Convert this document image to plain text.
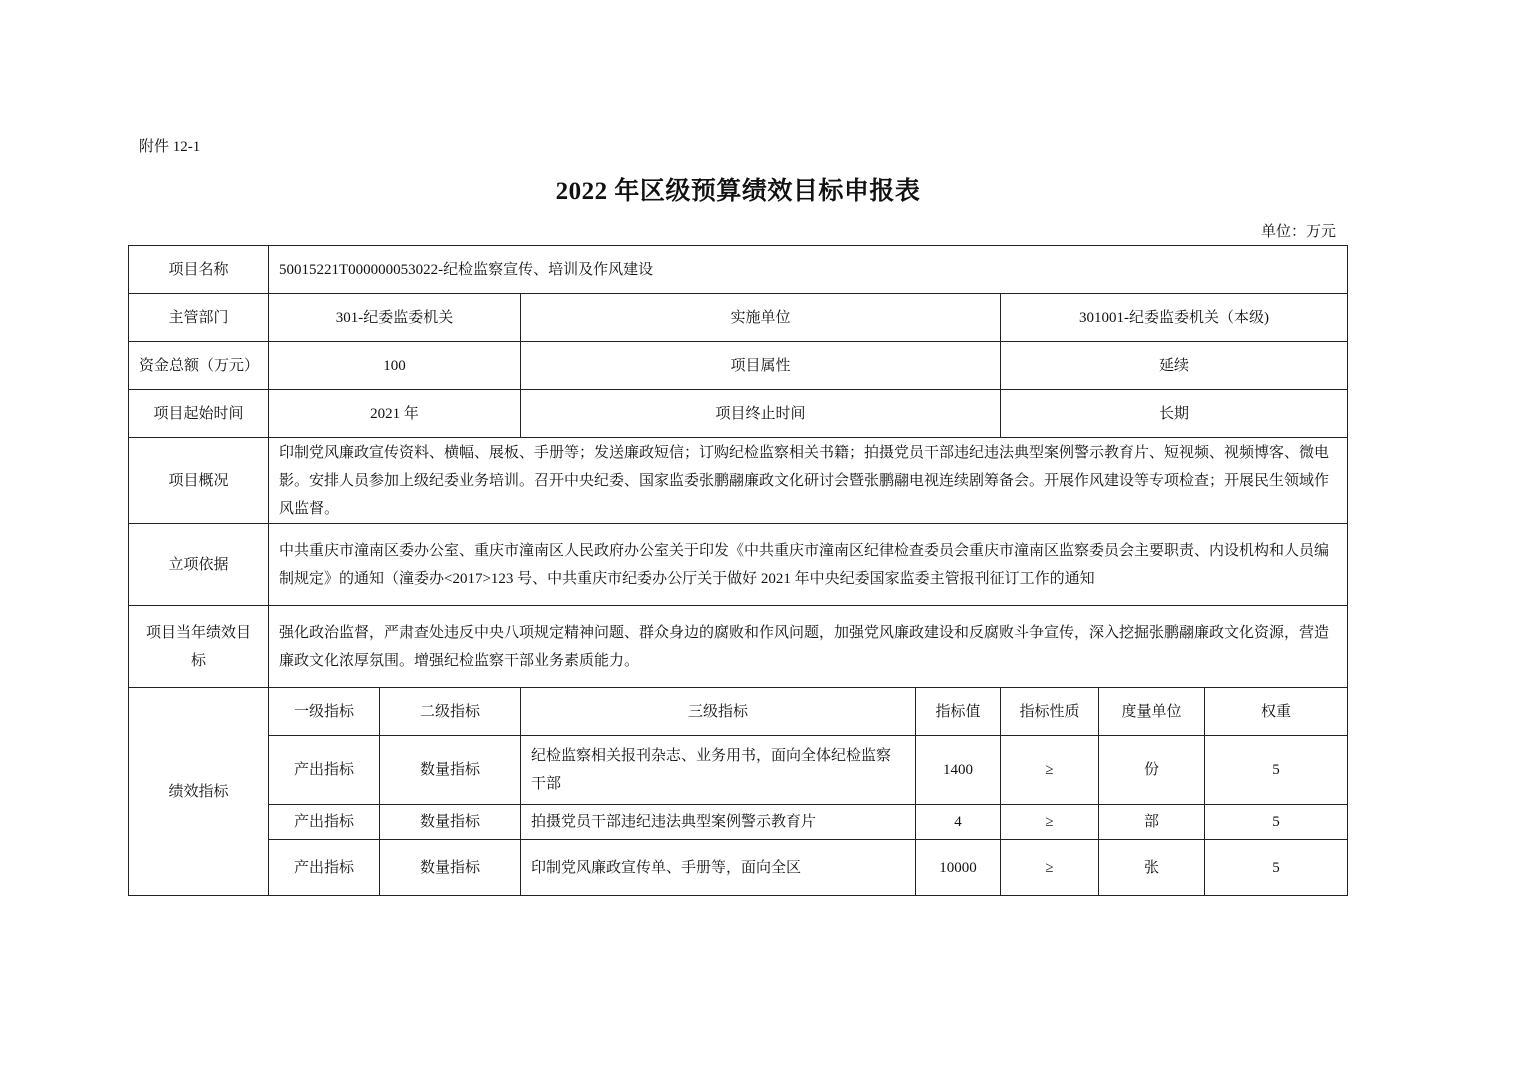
附件 12-1
2022 年区级预算绩效目标申报表
单位：万元
项目名称	50015221T000000053022-纪检监察宣传、培训及作风建设						
主管部门	301-纪委监委机关		实施单位		301001-纪委监委机关（本级)		
资金总额（万元）	100		项目属性		延续		
项目起始时间	2021 年		项目终止时间		长期		
项目概况	印制党风廉政宣传资料、横幅、展板、手册等；发送廉政短信；订购纪检监察相关书籍；拍摄党员干部违纪违法典型案例警示教育片、短视频、视频博客、微电影。安排人员参加上级纪委业务培训。召开中央纪委、国家监委张鹏翮廉政文化研讨会暨张鹏翮电视连续剧筹备会。开展作风建设等专项检查；开展民生领域作风监督。						
立项依据	中共重庆市潼南区委办公室、重庆市潼南区人民政府办公室关于印发《中共重庆市潼南区纪律检查委员会重庆市潼南区监察委员会主要职责、内设机构和人员编制规定》的通知（潼委办<2017>123 号、中共重庆市纪委办公厅关于做好 2021 年中央纪委国家监委主管报刊征订工作的通知						
项目当年绩效目标	强化政治监督，严肃查处违反中央八项规定精神问题、群众身边的腐败和作风问题，加强党风廉政建设和反腐败斗争宣传，深入挖掘张鹏翮廉政文化资源，营造廉政文化浓厚氛围。增强纪检监察干部业务素质能力。						
绩效指标	一级指标	二级指标	三级指标	指标值	指标性质	度量单位	权重
	产出指标	数量指标	纪检监察相关报刊杂志、业务用书，面向全体纪检监察干部	1400	≥	份	5
	产出指标	数量指标	拍摄党员干部违纪违法典型案例警示教育片	4	≥	部	5
	产出指标	数量指标	印制党风廉政宣传单、手册等，面向全区	10000	≥	张	5
